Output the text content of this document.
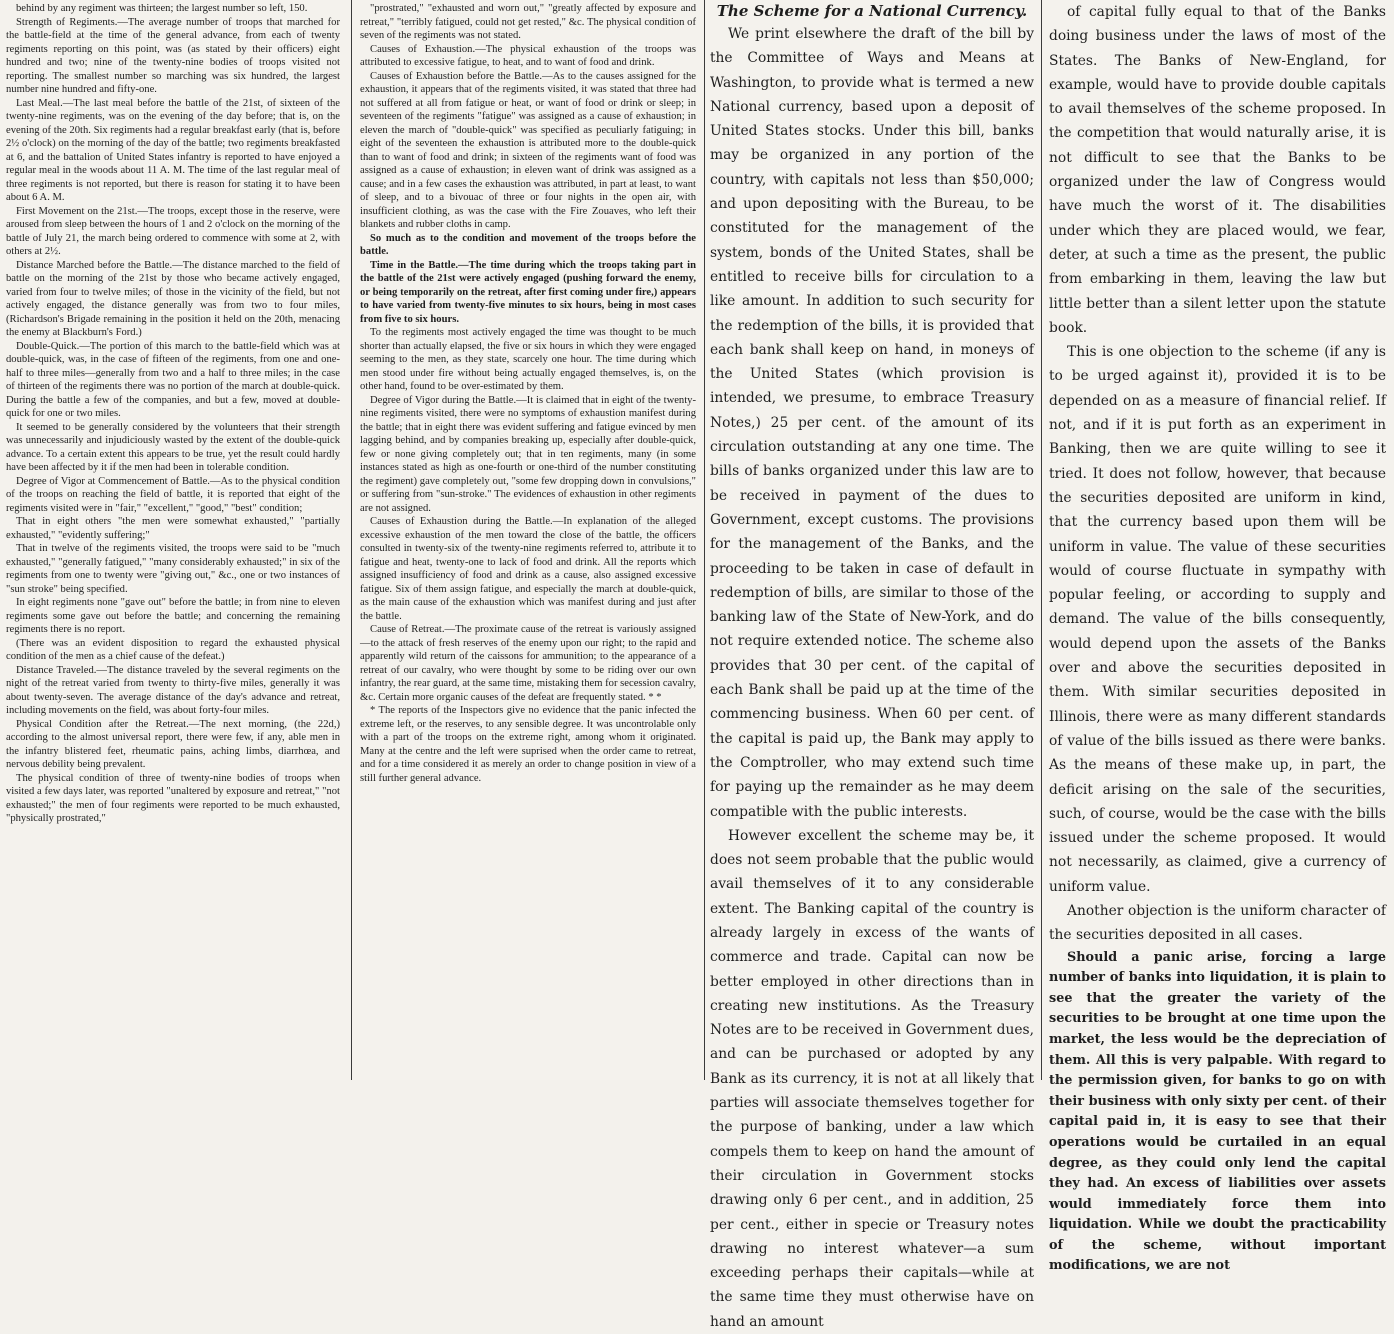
behind by any regiment was thirteen; the largest number so left, 150.

Strength of Regiments.—The average number of troops that marched for the battle-field at the time of the general advance, from each of twenty regiments reporting on this point, was (as stated by their officers) eight hundred and two; nine of the twenty-nine bodies of troops visited not reporting. The smallest number so marching was six hundred, the largest number nine hundred and fifty-one.

Last Meal.—The last meal before the battle of the 21st, of sixteen of the twenty-nine regiments, was on the evening of the day before; that is, on the evening of the 20th. Six regiments had a regular breakfast early (that is, before 2½ o'clock) on the morning of the day of the battle; two regiments breakfasted at 6, and the battalion of United States infantry is reported to have enjoyed a regular meal in the woods about 11 A. M. The time of the last regular meal of three regiments is not reported, but there is reason for stating it to have been about 6 A. M.

First Movement on the 21st.—The troops, except those in the reserve, were aroused from sleep between the hours of 1 and 2 o'clock on the morning of the battle of July 21, the march being ordered to commence with some at 2, with others at 2½.

Distance Marched before the Battle.—The distance marched to the field of battle on the morning of the 21st by those who became actively engaged, varied from four to twelve miles; of those in the vicinity of the field, but not actively engaged, the distance generally was from two to four miles, (Richardson's Brigade remaining in the position it held on the 20th, menacing the enemy at Blackburn's Ford.)

Double-Quick.—The portion of this march to the battle-field which was at double-quick, was, in the case of fifteen of the regiments, from one and one-half to three miles—generally from two and a half to three miles; in the case of thirteen of the regiments there was no portion of the march at double-quick. During the battle a few of the companies, and but a few, moved at double-quick for one or two miles.

It seemed to be generally considered by the volunteers that their strength was unnecessarily and injudiciously wasted by the extent of the double-quick advance. To a certain extent this appears to be true, yet the result could hardly have been affected by it if the men had been in tolerable condition.

Degree of Vigor at Commencement of Battle.—As to the physical condition of the troops on reaching the field of battle, it is reported that eight of the regiments visited were in "fair," "excellent," "good," "best" condition;

That in eight others "the men were somewhat exhausted," "partially exhausted," "evidently suffering;"

That in twelve of the regiments visited, the troops were said to be "much exhausted," "generally fatigued," "many considerably exhausted;" in six of the regiments from one to twenty were "giving out," &c., one or two instances of "sun stroke" being specified.

In eight regiments none "gave out" before the battle; in from nine to eleven regiments some gave out before the battle; and concerning the remaining regiments there is no report.

(There was an evident disposition to regard the exhausted physical condition of the men as a chief cause of the defeat.)

Distance Traveled.—The distance traveled by the several regiments on the night of the retreat varied from twenty to thirty-five miles, generally it was about twenty-seven. The average distance of the day's advance and retreat, including movements on the field, was about forty-four miles.

Physical Condition after the Retreat.—The next morning, (the 22d,) according to the almost universal report, there were few, if any, able men in the infantry blistered feet, rheumatic pains, aching limbs, diarrhœa, and nervous debility being prevalent.

The physical condition of three of twenty-nine bodies of troops when visited a few days later, was reported "unaltered by exposure and retreat," "not exhausted;" the men of four regiments were reported to be much exhausted, "physically prostrated,"

"prostrated," "exhausted and worn out," "greatly affected by exposure and retreat," "terribly fatigued, could not get rested," &c. The physical condition of seven of the regiments was not stated.

Causes of Exhaustion.—The physical exhaustion of the troops was attributed to excessive fatigue, to heat, and to want of food and drink.

Causes of Exhaustion before the Battle.—As to the causes assigned for the exhaustion, it appears that of the regiments visited, it was stated that three had not suffered at all from fatigue or heat, or want of food or drink or sleep; in seventeen of the regiments "fatigue" was assigned as a cause of exhaustion; in eleven the march of "double-quick" was specified as peculiarly fatiguing; in eight of the seventeen the exhaustion is attributed more to the double-quick than to want of food and drink; in sixteen of the regiments want of food was assigned as a cause of exhaustion; in eleven want of drink was assigned as a cause; and in a few cases the exhaustion was attributed, in part at least, to want of sleep, and to a bivouac of three or four nights in the open air, with insufficient clothing, as was the case with the Fire Zouaves, who left their blankets and rubber cloths in camp.

So much as to the condition and movement of the troops before the battle.

Time in the Battle.—The time during which the troops taking part in the battle of the 21st were actively engaged (pushing forward the enemy, or being temporarily on the retreat, after first coming under fire,) appears to have varied from twenty-five minutes to six hours, being in most cases from five to six hours.

To the regiments most actively engaged the time was thought to be much shorter than actually elapsed, the five or six hours in which they were engaged seeming to the men, as they state, scarcely one hour. The time during which men stood under fire without being actually engaged themselves, is, on the other hand, found to be over-estimated by them.

Degree of Vigor during the Battle.—It is claimed that in eight of the twenty-nine regiments visited, there were no symptoms of exhaustion manifest during the battle; that in eight there was evident suffering and fatigue evinced by men lagging behind, and by companies breaking up, especially after double-quick, few or none giving completely out; that in ten regiments, many (in some instances stated as high as one-fourth or one-third of the number constituting the regiment) gave completely out, "some few dropping down in convulsions," or suffering from "sun-stroke." The evidences of exhaustion in other regiments are not assigned.

Causes of Exhaustion during the Battle.—In explanation of the alleged excessive exhaustion of the men toward the close of the battle, the officers consulted in twenty-six of the twenty-nine regiments referred to, attribute it to fatigue and heat, twenty-one to lack of food and drink. All the reports which assigned insufficiency of food and drink as a cause, also assigned excessive fatigue. Six of them assign fatigue, and especially the march at double-quick, as the main cause of the exhaustion which was manifest during and just after the battle.

Cause of Retreat.—The proximate cause of the retreat is variously assigned—to the attack of fresh reserves of the enemy upon our right; to the rapid and apparently wild return of the caissons for ammunition; to the appearance of a retreat of our cavalry, who were thought by some to be riding over our own infantry, the rear guard, at the same time, mistaking them for secession cavalry, &c. Certain more organic causes of the defeat are frequently stated. * *

* The reports of the Inspectors give no evidence that the panic infected the extreme left, or the reserves, to any sensible degree. It was uncontrolable only with a part of the troops on the extreme right, among whom it originated. Many at the centre and the left were suprised when the order came to retreat, and for a time considered it as merely an order to change position in view of a still further general advance.

The Scheme for a National Currency.

We print elsewhere the draft of the bill by the Committee of Ways and Means at Washington, to provide what is termed a new National currency, based upon a deposit of United States stocks. Under this bill, banks may be organized in any portion of the country, with capitals not less than $50,000; and upon depositing with the Bureau, to be constituted for the management of the system, bonds of the United States, shall be entitled to receive bills for circulation to a like amount. In addition to such security for the redemption of the bills, it is provided that each bank shall keep on hand, in moneys of the United States (which provision is intended, we presume, to embrace Treasury Notes,) 25 per cent. of the amount of its circulation outstanding at any one time. The bills of banks organized under this law are to be received in payment of the dues to Government, except customs. The provisions for the management of the Banks, and the proceeding to be taken in case of default in redemption of bills, are similar to those of the banking law of the State of New-York, and do not require extended notice. The scheme also provides that 30 per cent. of the capital of each Bank shall be paid up at the time of the commencing business. When 60 per cent. of the capital is paid up, the Bank may apply to the Comptroller, who may extend such time for paying up the remainder as he may deem compatible with the public interests.

However excellent the scheme may be, it does not seem probable that the public would avail themselves of it to any considerable extent. The Banking capital of the country is already largely in excess of the wants of commerce and trade. Capital can now be better employed in other directions than in creating new institutions. As the Treasury Notes are to be received in Government dues, and can be purchased or adopted by any Bank as its currency, it is not at all likely that parties will associate themselves together for the purpose of banking, under a law which compels them to keep on hand the amount of their circulation in Government stocks drawing only 6 per cent., and in addition, 25 per cent., either in specie or Treasury notes drawing no interest whatever—a sum exceeding perhaps their capitals—while at the same time they must otherwise have on hand an amount

of capital fully equal to that of the Banks doing business under the laws of most of the States. The Banks of New-England, for example, would have to provide double capitals to avail themselves of the scheme proposed. In the competition that would naturally arise, it is not difficult to see that the Banks to be organized under the law of Congress would have much the worst of it. The disabilities under which they are placed would, we fear, deter, at such a time as the present, the public from embarking in them, leaving the law but little better than a silent letter upon the statute book.

This is one objection to the scheme (if any is to be urged against it), provided it is to be depended on as a measure of financial relief. If not, and if it is put forth as an experiment in Banking, then we are quite willing to see it tried. It does not follow, however, that because the securities deposited are uniform in kind, that the currency based upon them will be uniform in value. The value of these securities would of course fluctuate in sympathy with popular feeling, or according to supply and demand. The value of the bills consequently, would depend upon the assets of the Banks over and above the securities deposited in them. With similar securities deposited in Illinois, there were as many different standards of value of the bills issued as there were banks. As the means of these make up, in part, the deficit arising on the sale of the securities, such, of course, would be the case with the bills issued under the scheme proposed. It would not necessarily, as claimed, give a currency of uniform value.

Another objection is the uniform character of the securities deposited in all cases.

Should a panic arise, forcing a large number of banks into liquidation, it is plain to see that the greater the variety of the securities to be brought at one time upon the market, the less would be the depreciation of them. All this is very palpable. With regard to the permission given, for banks to go on with their business with only sixty per cent. of their capital paid in, it is easy to see that their operations would be curtailed in an equal degree, as they could only lend the capital they had. An excess of liabilities over assets would immediately force them into liquidation. While we doubt the practicability of the scheme, without important modifications, we are not
